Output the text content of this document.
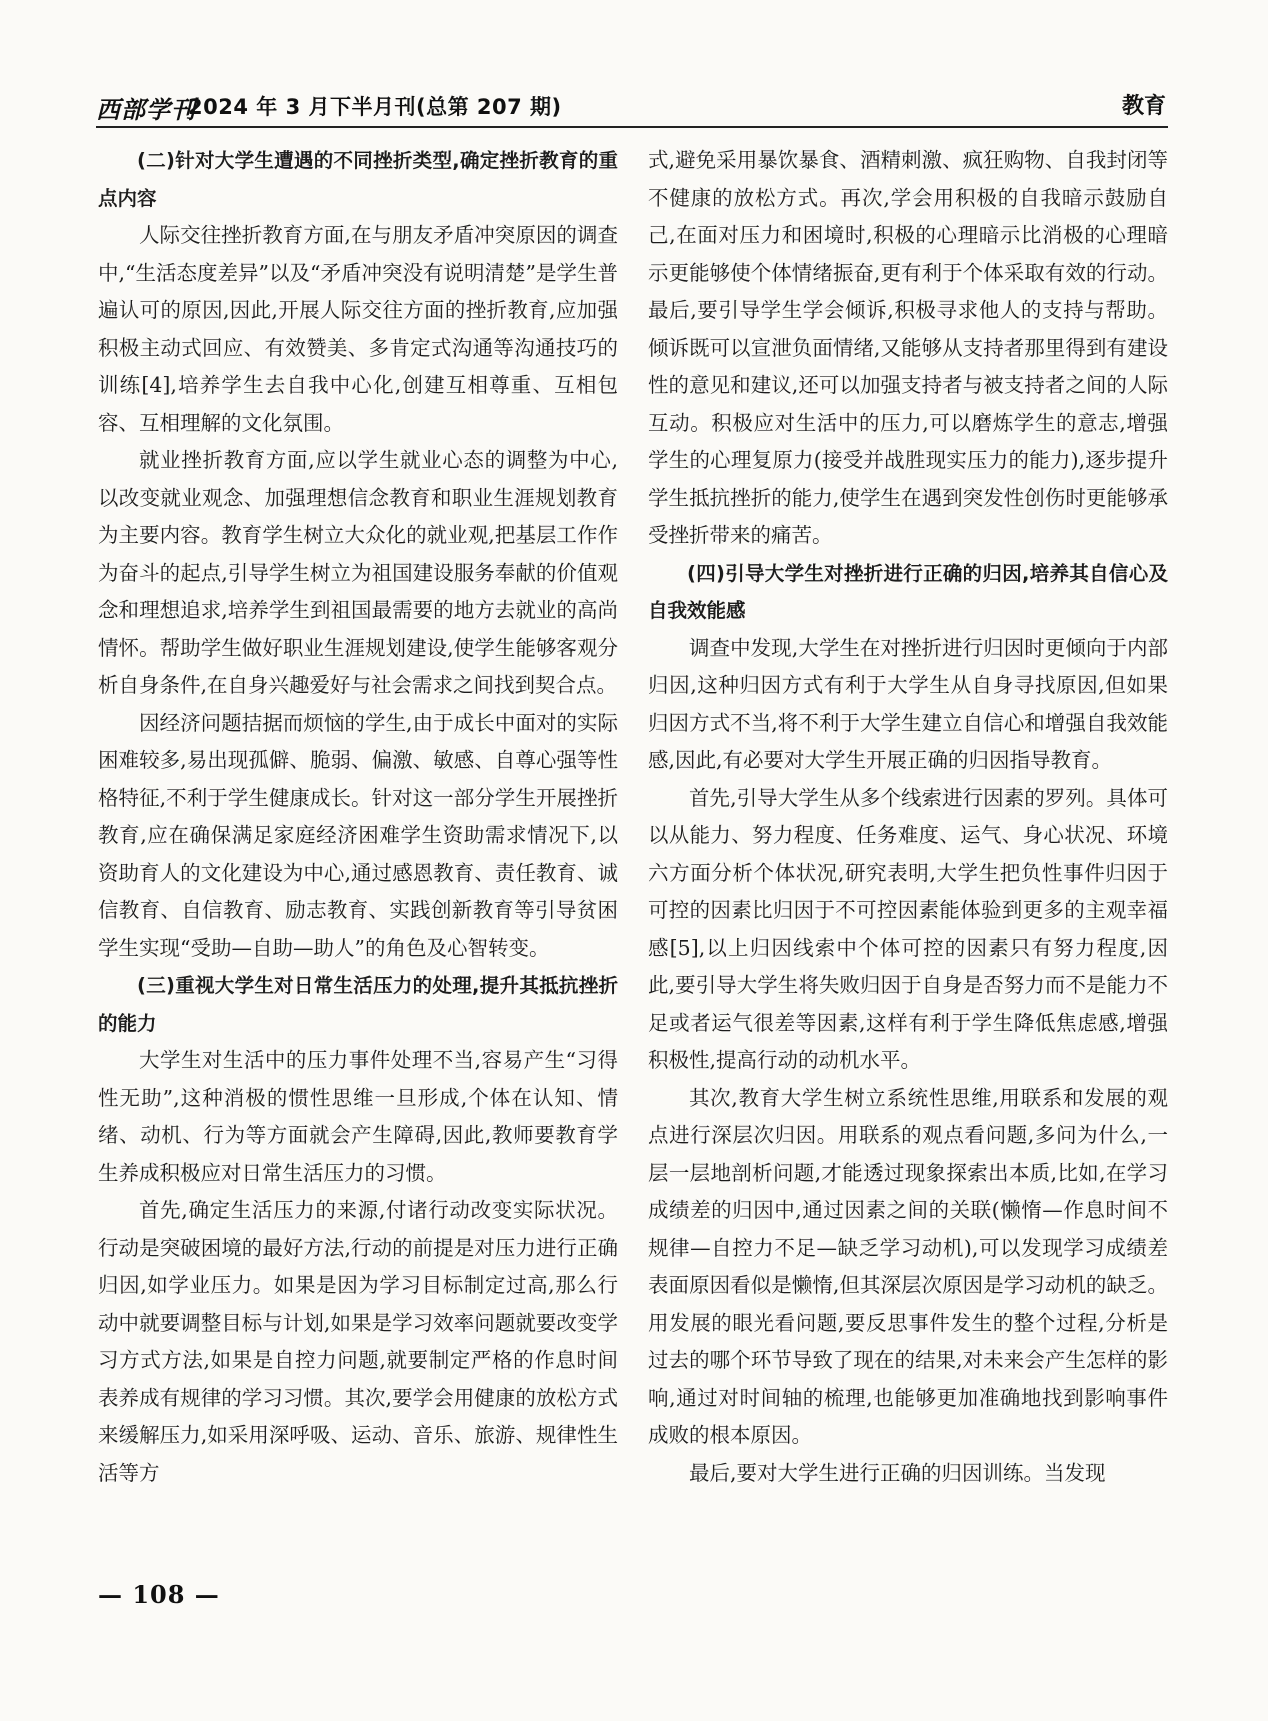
西部学刊
2024 年 3 月下半月刊(总第 207 期)	教育
(二)针对大学生遭遇的不同挫折类型,确定挫折教育的重点内容

人际交往挫折教育方面,在与朋友矛盾冲突原因的调查中,“生活态度差异”以及“矛盾冲突没有说明清楚”是学生普遍认可的原因,因此,开展人际交往方面的挫折教育,应加强积极主动式回应、有效赞美、多肯定式沟通等沟通技巧的训练[4],培养学生去自我中心化,创建互相尊重、互相包容、互相理解的文化氛围。

就业挫折教育方面,应以学生就业心态的调整为中心,以改变就业观念、加强理想信念教育和职业生涯规划教育为主要内容。教育学生树立大众化的就业观,把基层工作作为奋斗的起点,引导学生树立为祖国建设服务奉献的价值观念和理想追求,培养学生到祖国最需要的地方去就业的高尚情怀。帮助学生做好职业生涯规划建设,使学生能够客观分析自身条件,在自身兴趣爱好与社会需求之间找到契合点。

因经济问题拮据而烦恼的学生,由于成长中面对的实际困难较多,易出现孤僻、脆弱、偏激、敏感、自尊心强等性格特征,不利于学生健康成长。针对这一部分学生开展挫折教育,应在确保满足家庭经济困难学生资助需求情况下,以资助育人的文化建设为中心,通过感恩教育、责任教育、诚信教育、自信教育、励志教育、实践创新教育等引导贫困学生实现“受助—自助—助人”的角色及心智转变。

(三)重视大学生对日常生活压力的处理,提升其抵抗挫折的能力

大学生对生活中的压力事件处理不当,容易产生“习得性无助”,这种消极的惯性思维一旦形成,个体在认知、情绪、动机、行为等方面就会产生障碍,因此,教师要教育学生养成积极应对日常生活压力的习惯。

首先,确定生活压力的来源,付诸行动改变实际状况。行动是突破困境的最好方法,行动的前提是对压力进行正确归因,如学业压力。如果是因为学习目标制定过高,那么行动中就要调整目标与计划,如果是学习效率问题就要改变学习方式方法,如果是自控力问题,就要制定严格的作息时间表养成有规律的学习习惯。其次,要学会用健康的放松方式来缓解压力,如采用深呼吸、运动、音乐、旅游、规律性生活等方

式,避免采用暴饮暴食、酒精刺激、疯狂购物、自我封闭等不健康的放松方式。再次,学会用积极的自我暗示鼓励自己,在面对压力和困境时,积极的心理暗示比消极的心理暗示更能够使个体情绪振奋,更有利于个体采取有效的行动。最后,要引导学生学会倾诉,积极寻求他人的支持与帮助。倾诉既可以宣泄负面情绪,又能够从支持者那里得到有建设性的意见和建议,还可以加强支持者与被支持者之间的人际互动。积极应对生活中的压力,可以磨炼学生的意志,增强学生的心理复原力(接受并战胜现实压力的能力),逐步提升学生抵抗挫折的能力,使学生在遇到突发性创伤时更能够承受挫折带来的痛苦。

(四)引导大学生对挫折进行正确的归因,培养其自信心及自我效能感

调查中发现,大学生在对挫折进行归因时更倾向于内部归因,这种归因方式有利于大学生从自身寻找原因,但如果归因方式不当,将不利于大学生建立自信心和增强自我效能感,因此,有必要对大学生开展正确的归因指导教育。

首先,引导大学生从多个线索进行因素的罗列。具体可以从能力、努力程度、任务难度、运气、身心状况、环境六方面分析个体状况,研究表明,大学生把负性事件归因于可控的因素比归因于不可控因素能体验到更多的主观幸福感[5],以上归因线索中个体可控的因素只有努力程度,因此,要引导大学生将失败归因于自身是否努力而不是能力不足或者运气很差等因素,这样有利于学生降低焦虑感,增强积极性,提高行动的动机水平。

其次,教育大学生树立系统性思维,用联系和发展的观点进行深层次归因。用联系的观点看问题,多问为什么,一层一层地剖析问题,才能透过现象探索出本质,比如,在学习成绩差的归因中,通过因素之间的关联(懒惰—作息时间不规律—自控力不足—缺乏学习动机),可以发现学习成绩差表面原因看似是懒惰,但其深层次原因是学习动机的缺乏。用发展的眼光看问题,要反思事件发生的整个过程,分析是过去的哪个环节导致了现在的结果,对未来会产生怎样的影响,通过对时间轴的梳理,也能够更加准确地找到影响事件成败的根本原因。

最后,要对大学生进行正确的归因训练。当发现

— 108 —
